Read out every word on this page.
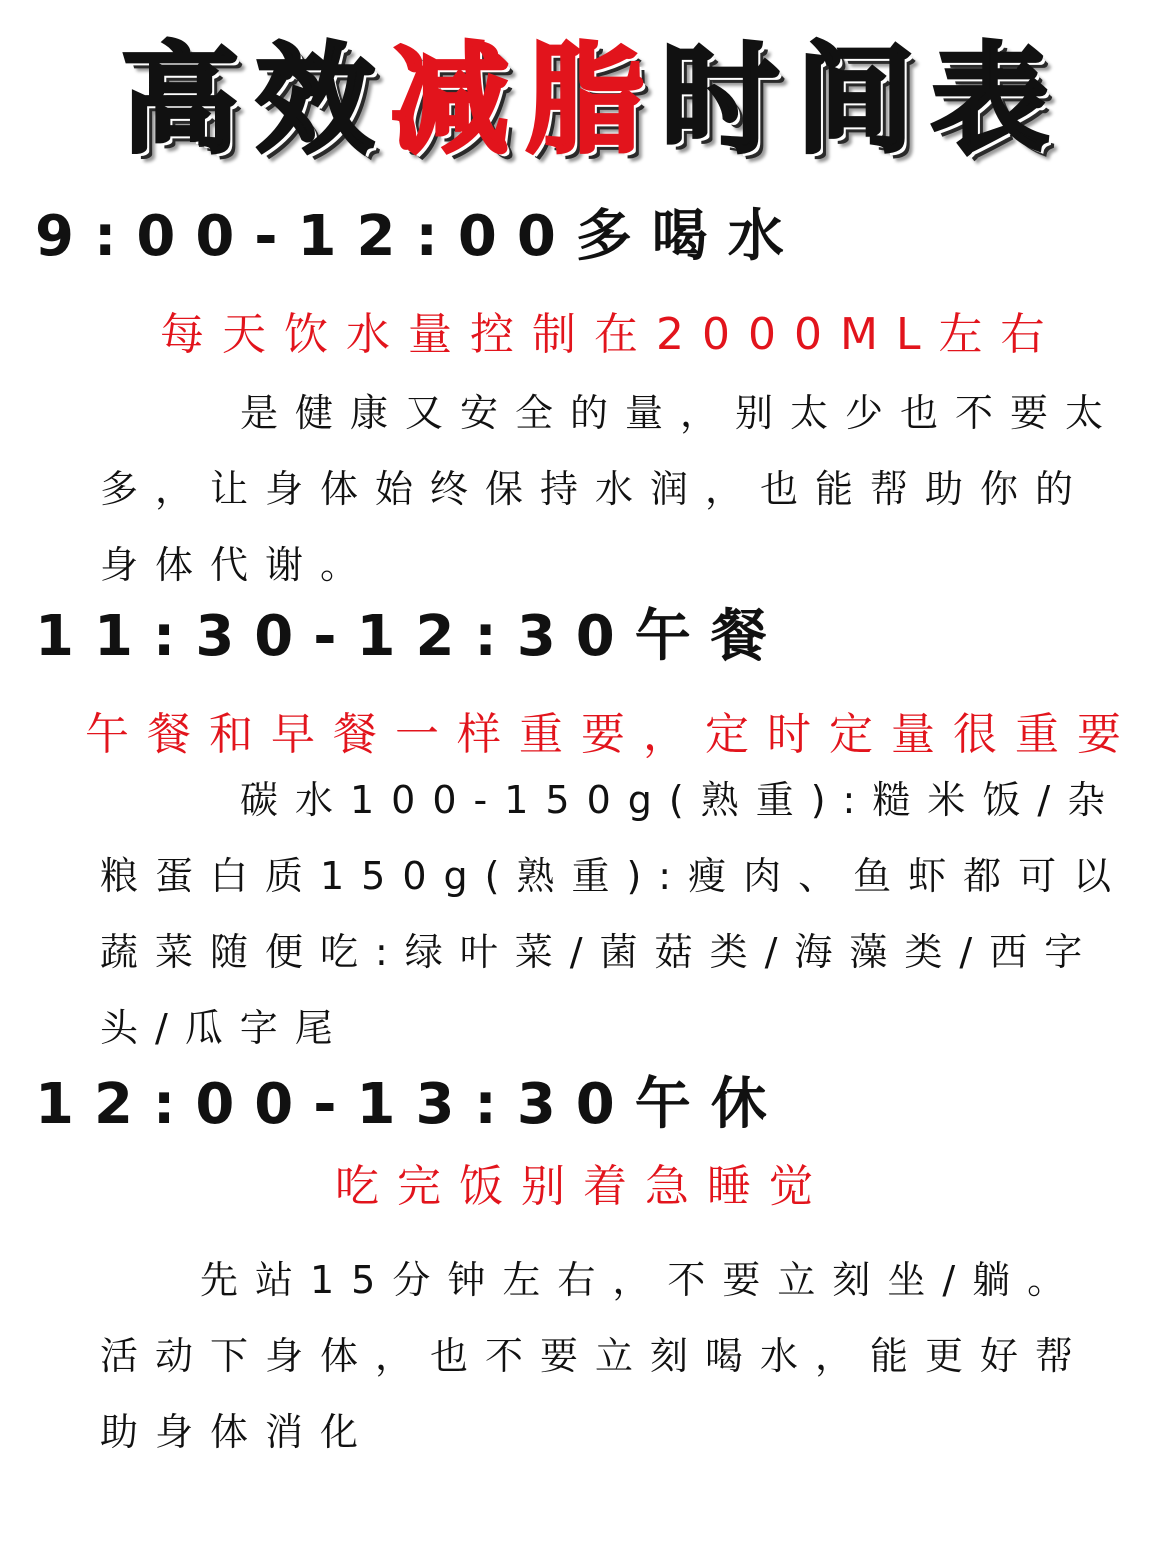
高效减脂时间表
9:00-12:00多喝水
每天饮水量控制在2000ML左右
是健康又安全的量，别太少也不要太
多，让身体始终保持水润，也能帮助你的
身体代谢。
11:30-12:30午餐
午餐和早餐一样重要，定时定量很重要
碳水100-150g(熟重):糙米饭/杂
粮蛋白质150g(熟重):瘦肉、鱼虾都可以
蔬菜随便吃:绿叶菜/菌菇类/海藻类/西字
头/瓜字尾
12:00-13:30午休
吃完饭别着急睡觉
先站15分钟左右，不要立刻坐/躺。
活动下身体，也不要立刻喝水，能更好帮
助身体消化
